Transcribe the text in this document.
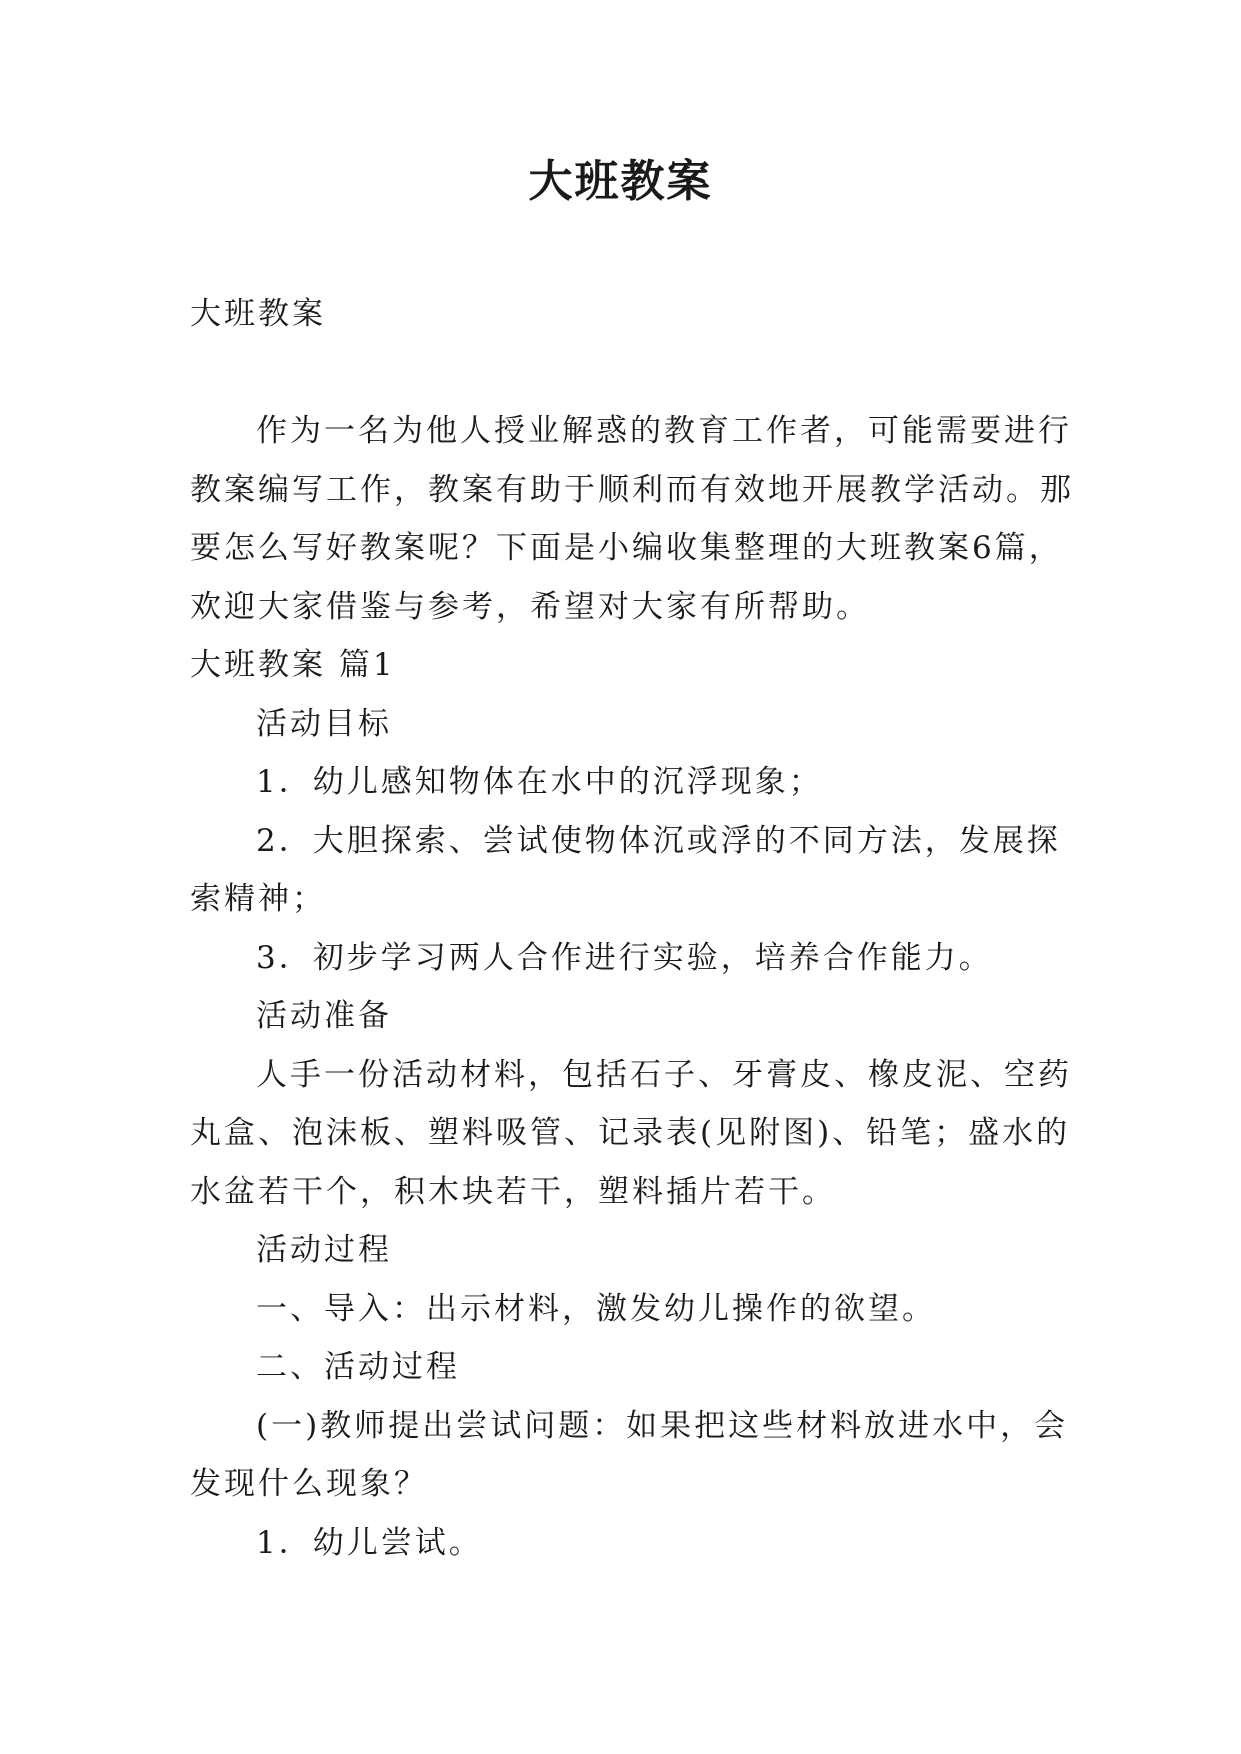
大班教案
大班教案
作为一名为他人授业解惑的教育工作者，可能需要进行
教案编写工作，教案有助于顺利而有效地开展教学活动。那
要怎么写好教案呢？下面是小编收集整理的大班教案6篇，
欢迎大家借鉴与参考，希望对大家有所帮助。
大班教案 篇1
活动目标
1．幼儿感知物体在水中的沉浮现象；
2．大胆探索、尝试使物体沉或浮的不同方法，发展探
索精神；
3．初步学习两人合作进行实验，培养合作能力。
活动准备
人手一份活动材料，包括石子、牙膏皮、橡皮泥、空药
丸盒、泡沫板、塑料吸管、记录表(见附图)、铅笔；盛水的
水盆若干个，积木块若干，塑料插片若干。
活动过程
一、导入：出示材料，激发幼儿操作的欲望。
二、活动过程
(一)教师提出尝试问题：如果把这些材料放进水中，会
发现什么现象？
1．幼儿尝试。
